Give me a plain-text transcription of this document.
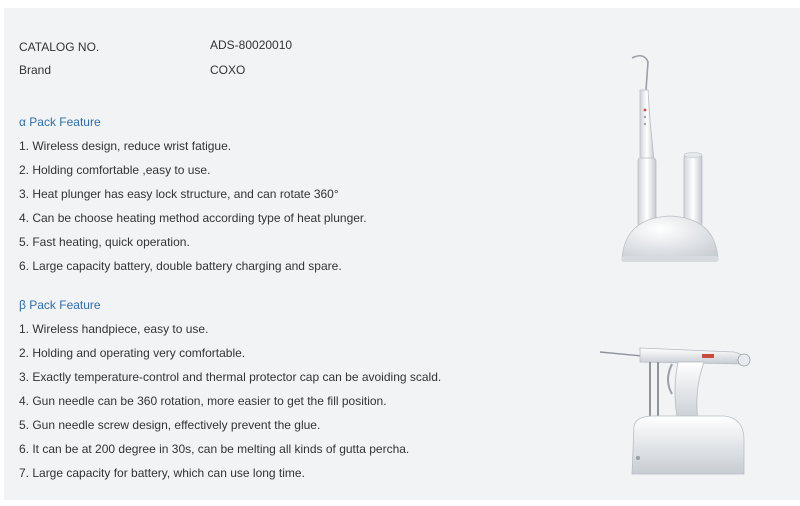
CATALOG NO.	ADS-80020010
Brand	COXO
α Pack Feature
1. Wireless design, reduce wrist fatigue.
2. Holding comfortable ,easy to use.
3. Heat plunger has easy lock structure, and can rotate 360°
4. Can be choose heating method according type of heat plunger.
5. Fast heating, quick operation.
6. Large capacity battery, double battery charging and spare.
β Pack Feature
1. Wireless handpiece, easy to use.
2. Holding and operating very comfortable.
3. Exactly temperature-control and thermal protector cap can be avoiding scald.
4. Gun needle can be 360 rotation, more easier to get the fill position.
5. Gun needle screw design, effectively prevent the glue.
6. It can be at 200 degree in 30s, can be melting all kinds of gutta percha.
7. Large capacity for battery, which can use long time.
